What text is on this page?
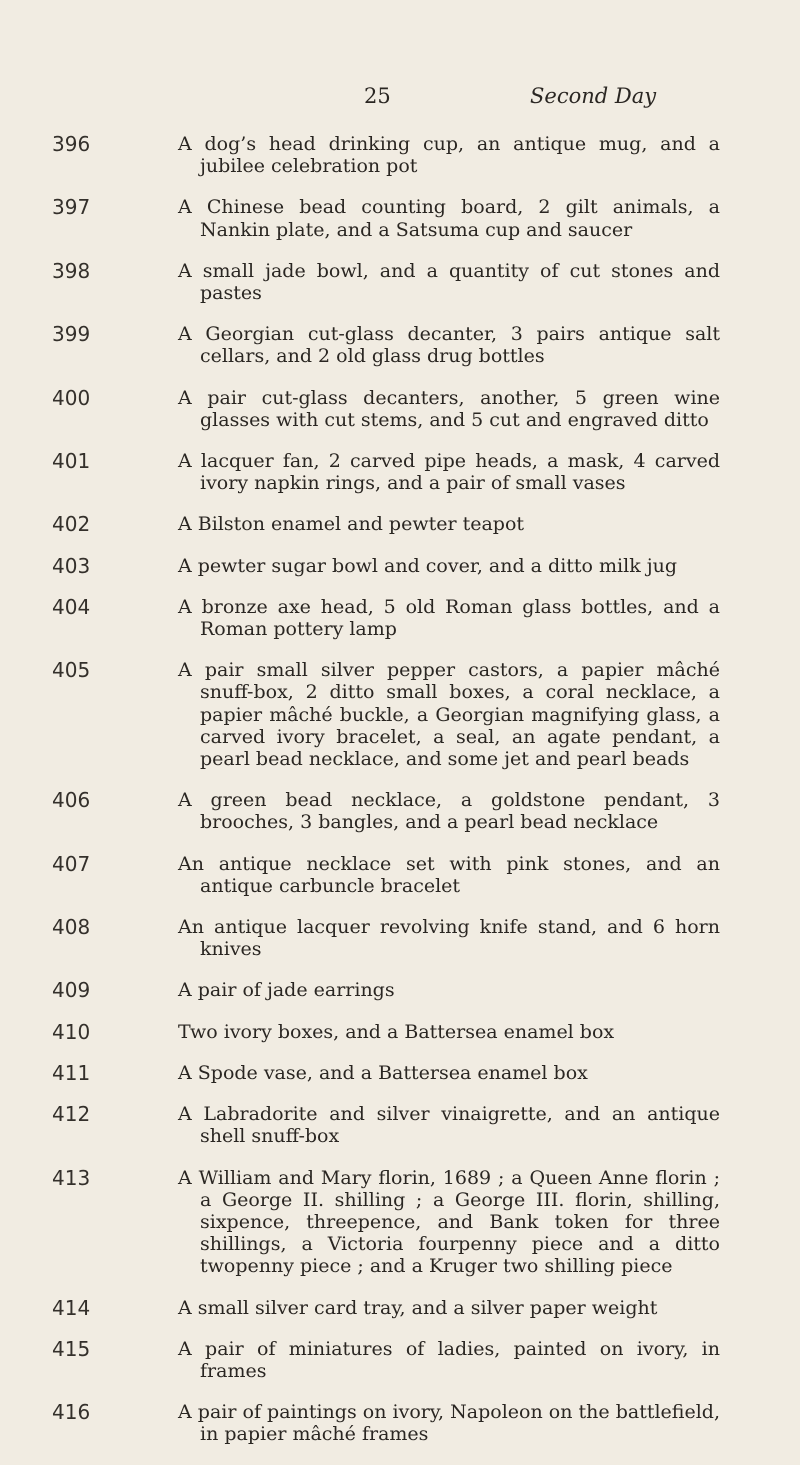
25	Second Day
396	A dog’s head drinking cup, an antique mug, and a jubilee celebration pot

397	A Chinese bead counting board, 2 gilt animals, a Nankin plate, and a Satsuma cup and saucer

398	A small jade bowl, and a quantity of cut stones and pastes

399	A Georgian cut-glass decanter, 3 pairs antique salt cellars, and 2 old glass drug bottles

400	A pair cut-glass decanters, another, 5 green wine glasses with cut stems, and 5 cut and engraved ditto

401	A lacquer fan, 2 carved pipe heads, a mask, 4 carved ivory napkin rings, and a pair of small vases

402	A Bilston enamel and pewter teapot

403	A pewter sugar bowl and cover, and a ditto milk jug

404	A bronze axe head, 5 old Roman glass bottles, and a Roman pottery lamp

405	A pair small silver pepper castors, a papier mâché snuff-box, 2 ditto small boxes, a coral necklace, a papier mâché buckle, a Georgian magnifying glass, a carved ivory bracelet, a seal, an agate pendant, a pearl bead necklace, and some jet and pearl beads

406	A green bead necklace, a goldstone pendant, 3 brooches, 3 bangles, and a pearl bead necklace

407	An antique necklace set with pink stones, and an antique carbuncle bracelet

408	An antique lacquer revolving knife stand, and 6 horn knives

409	A pair of jade earrings

410	Two ivory boxes, and a Battersea enamel box

411	A Spode vase, and a Battersea enamel box

412	A Labradorite and silver vinaigrette, and an antique shell snuff-box

413	A William and Mary florin, 1689 ; a Queen Anne florin ; a George II. shilling ; a George III. florin, shilling, sixpence, threepence, and Bank token for three shillings, a Victoria fourpenny piece and a ditto twopenny piece ; and a Kruger two shilling piece

414	A small silver card tray, and a silver paper weight

415	A pair of miniatures of ladies, painted on ivory, in frames

416	A pair of paintings on ivory, Napoleon on the battlefield, in papier mâché frames
